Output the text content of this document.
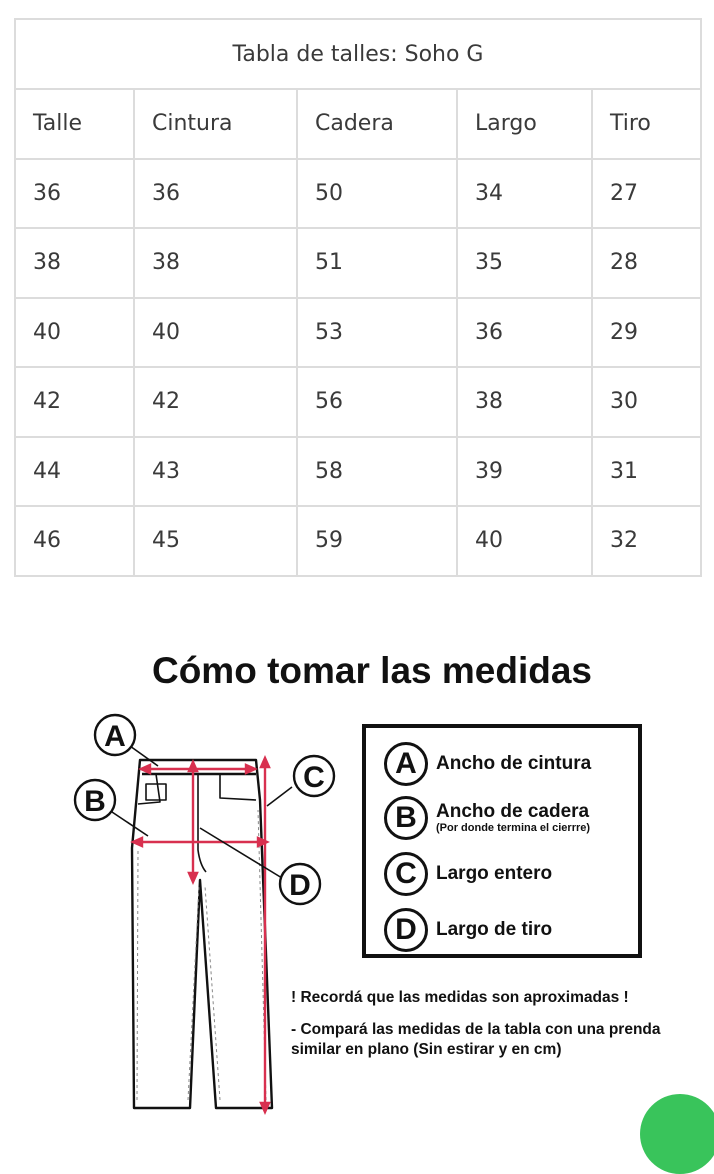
Tabla de talles: Soho G				
Talle	Cintura	Cadera	Largo	Tiro
36	36	50	34	27
38	38	51	35	28
40	40	53	36	29
42	42	56	38	30
44	43	58	39	31
46	45	59	40	32
Cómo tomar las medidas
A
B
C
D
A	Ancho de cintura
B	Ancho de cadera
(Por donde termina el cierrre)
C	Largo entero
D	Largo de tiro

! Recordá que las medidas son aproximadas !

- Compará las medidas de la tabla con una prenda similar en plano (Sin estirar y en cm)
